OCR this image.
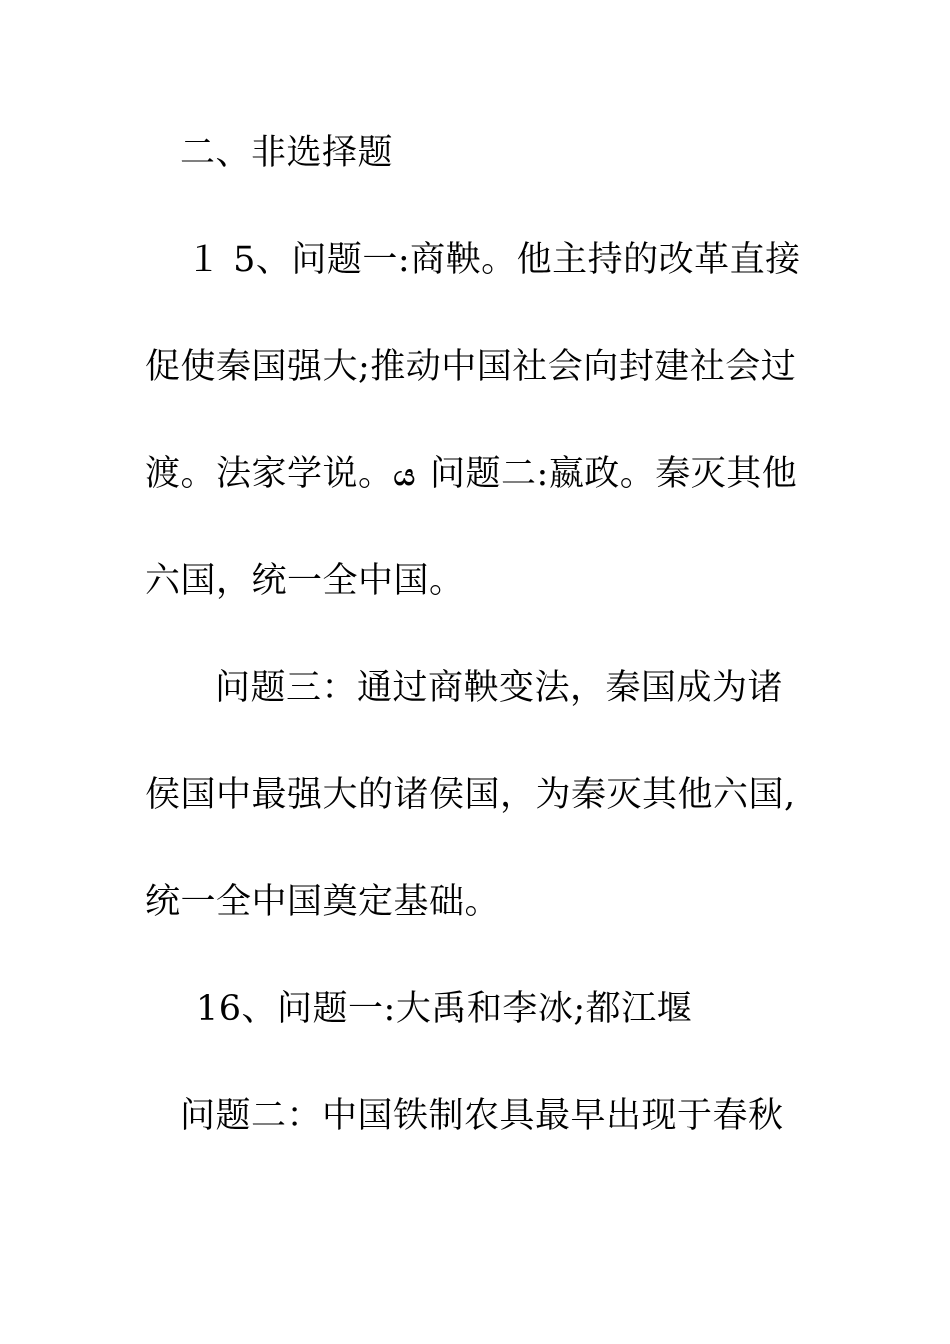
二、非选择题
１ 5、问题一:商鞅。他主持的改革直接
促使秦国强大;推动中国社会向封建社会过
渡。法家学说。ය 问题二:嬴政。秦灭其他
六国，统一全中国。
问题三：通过商鞅变法，秦国成为诸
侯国中最强大的诸侯国，为秦灭其他六国,
统一全中国奠定基础。
16、问题一:大禹和李冰;都江堰
问题二：中国铁制农具最早出现于春秋
